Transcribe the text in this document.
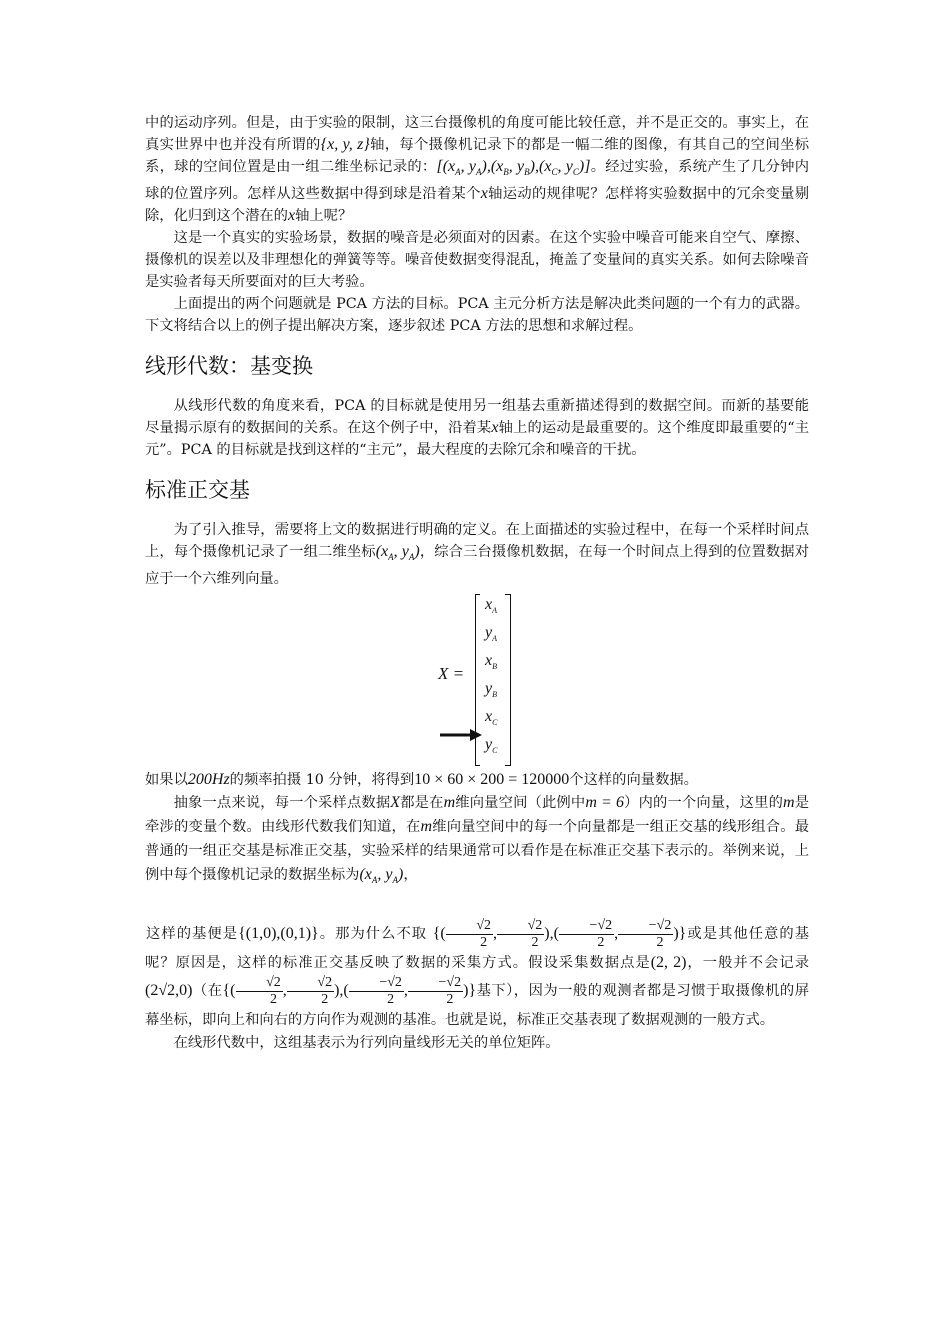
中的运动序列。但是，由于实验的限制，这三台摄像机的角度可能比较任意，并不是正交的。事实上，在真实世界中也并没有所谓的{x, y, z}轴，每个摄像机记录下的都是一幅二维的图像，有其自己的空间坐标系，球的空间位置是由一组二维坐标记录的：[($x_A$, $y_A),(x_B$, $y_B),(x_C$, $y_C$)]。经过实验，系统产生了几分钟内球的位置序列。怎样从这些数据中得到球是沿着某个x轴运动的规律呢？怎样将实验数据中的冗余变量剔除，化归到这个潜在的x轴上呢？

这是一个真实的实验场景，数据的噪音是必须面对的因素。在这个实验中噪音可能来自空气、摩擦、摄像机的误差以及非理想化的弹簧等等。噪音使数据变得混乱，掩盖了变量间的真实关系。如何去除噪音是实验者每天所要面对的巨大考验。

上面提出的两个问题就是 PCA 方法的目标。PCA 主元分析方法是解决此类问题的一个有力的武器。下文将结合以上的例子提出解决方案，逐步叙述 PCA 方法的思想和求解过程。

线形代数：基变换

从线形代数的角度来看，PCA 的目标就是使用另一组基去重新描述得到的数据空间。而新的基要能尽量揭示原有的数据间的关系。在这个例子中，沿着某x轴上的运动是最重要的。这个维度即最重要的“主元”。PCA 的目标就是找到这样的“主元”，最大程度的去除冗余和噪音的干扰。

标准正交基

为了引入推导，需要将上文的数据进行明确的定义。在上面描述的实验过程中，在每一个采样时间点上，每个摄像机记录了一组二维坐标($x_A$, $y_A$)，综合三台摄像机数据，在每一个时间点上得到的位置数据对应于一个六维列向量。

X =
$x_A$
$y_A$
$x_B$
$y_B$
$x_C$
$y_C$

如果以200Hz的频率拍摄 10 分钟，将得到10 × 60 × 200 = 120000个这样的向量数据。

抽象一点来说，每一个采样点数据X都是在m维向量空间（此例中m = 6）内的一个向量，这里的m是牵涉的变量个数。由线形代数我们知道，在m维向量空间中的每一个向量都是一组正交基的线形组合。最普通的一组正交基是标准正交基，实验采样的结果通常可以看作是在标准正交基下表示的。举例来说，上例中每个摄像机记录的数据坐标为($x_A$, $y_A$)，
这样的基便是{(1,0),(0,1)}。那为什么不取 {( $\frac{√2}{2}$ , $\frac{√2}{2}$ ),( $\frac{-√2}{2}$ , $\frac{-√2}{2}$ )}或是其他任意的基呢？原因是，这样的标准正交基反映了数据的采集方式。假设采集数据点是(2, 2)，一般并不会记录(2√2,0)（在{( $\frac{√2}{2}$ , $\frac{√2}{2}$ ),( $\frac{-√2}{2}$ , $\frac{-√2}{2}$ )}基下），因为一般的观测者都是习惯于取摄像机的屏幕坐标，即向上和向右的方向作为观测的基准。也就是说，标准正交基表现了数据观测的一般方式。

在线形代数中，这组基表示为行列向量线形无关的单位矩阵。
